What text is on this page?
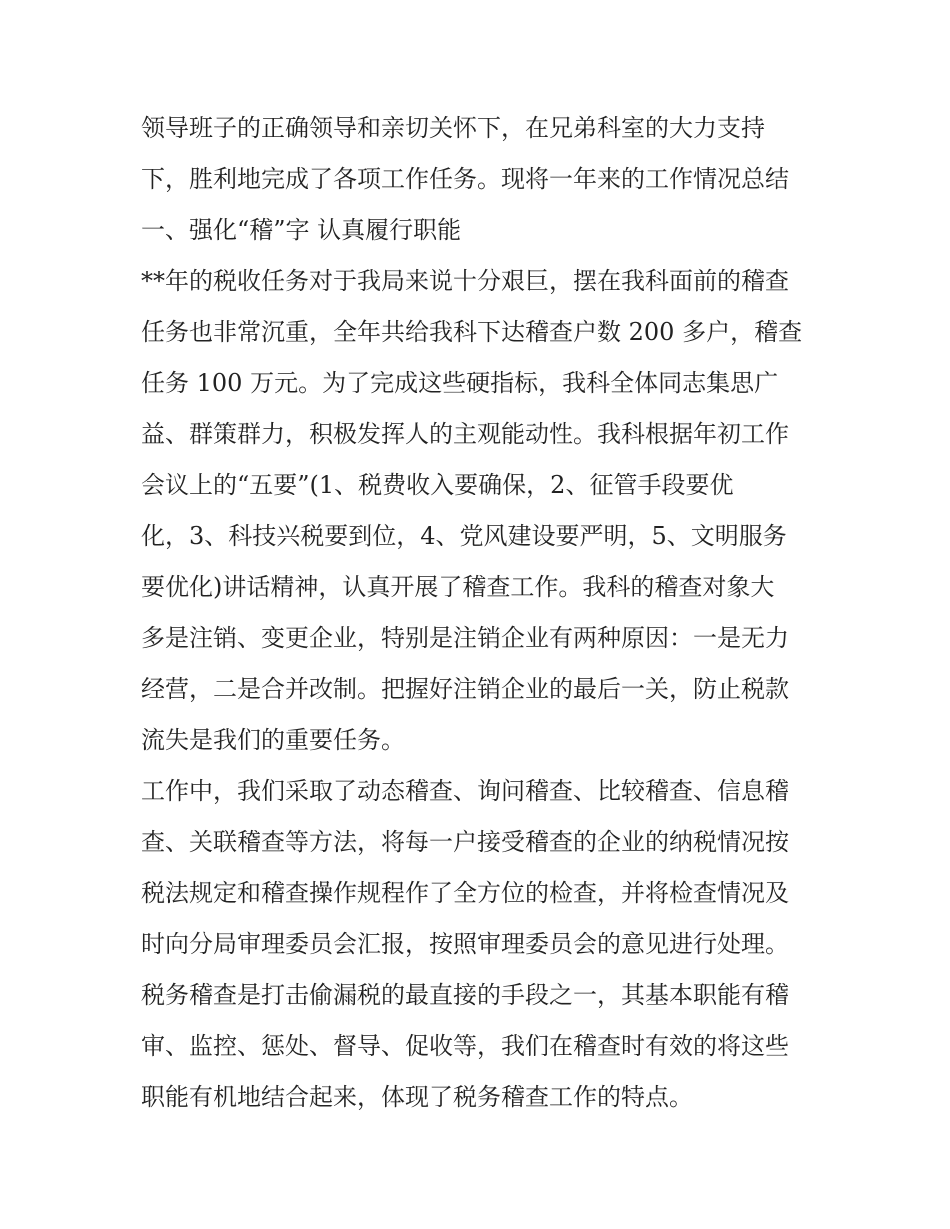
领导班子的正确领导和亲切关怀下，在兄弟科室的大力支持
下，胜利地完成了各项工作任务。现将一年来的工作情况总结
一、强化“稽”字 认真履行职能
**年的税收任务对于我局来说十分艰巨，摆在我科面前的稽查
任务也非常沉重，全年共给我科下达稽查户数 200 多户，稽查
任务 100 万元。为了完成这些硬指标，我科全体同志集思广
益、群策群力，积极发挥人的主观能动性。我科根据年初工作
会议上的“五要”(1、税费收入要确保，2、征管手段要优
化，3、科技兴税要到位，4、党风建设要严明，5、文明服务
要优化)讲话精神，认真开展了稽查工作。我科的稽查对象大
多是注销、变更企业，特别是注销企业有两种原因：一是无力
经营，二是合并改制。把握好注销企业的最后一关，防止税款
流失是我们的重要任务。
工作中，我们采取了动态稽查、询问稽查、比较稽查、信息稽
查、关联稽查等方法，将每一户接受稽查的企业的纳税情况按
税法规定和稽查操作规程作了全方位的检查，并将检查情况及
时向分局审理委员会汇报，按照审理委员会的意见进行处理。
税务稽查是打击偷漏税的最直接的手段之一，其基本职能有稽
审、监控、惩处、督导、促收等，我们在稽查时有效的将这些
职能有机地结合起来，体现了税务稽查工作的特点。
